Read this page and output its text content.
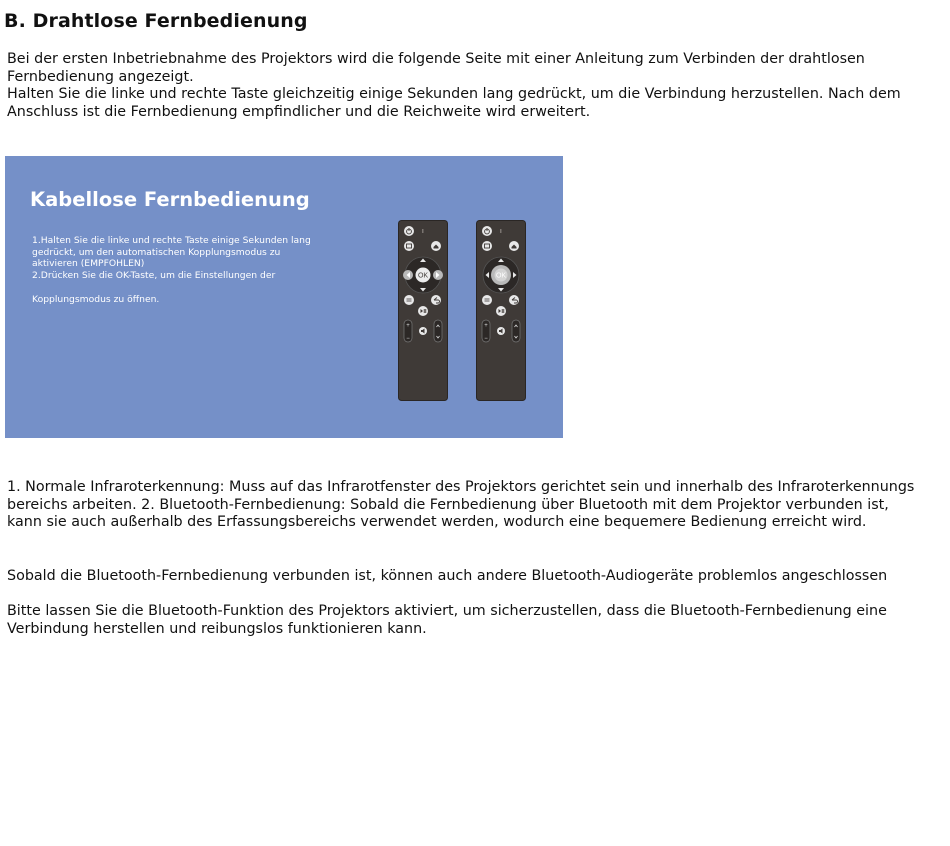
B. Drahtlose Fernbedienung
Bei der ersten Inbetriebnahme des Projektors wird die folgende Seite mit einer Anleitung zum Verbinden der drahtlosen
Fernbedienung angezeigt.
Halten Sie die linke und rechte Taste gleichzeitig einige Sekunden lang gedrückt, um die Verbindung herzustellen. Nach dem
Anschluss ist die Fernbedienung empfindlicher und die Reichweite wird erweitert.
Kabellose Fernbedienung
1.Halten Sie die linke und rechte Taste einige Sekunden lang
gedrückt, um den automatischen Kopplungsmodus zu
aktivieren (EMPFOHLEN)
2.Drücken Sie die OK-Taste, um die Einstellungen der
Kopplungsmodus zu öffnen.
OK
+
−
OK
+
−
1. Normale Infraroterkennung: Muss auf das Infrarotfenster des Projektors gerichtet sein und innerhalb des Infraroterkennungs
bereichs arbeiten. 2. Bluetooth-Fernbedienung: Sobald die Fernbedienung über Bluetooth mit dem Projektor verbunden ist,
kann sie auch außerhalb des Erfassungsbereichs verwendet werden, wodurch eine bequemere Bedienung erreicht wird.
Sobald die Bluetooth-Fernbedienung verbunden ist, können auch andere Bluetooth-Audiogeräte problemlos angeschlossen
Bitte lassen Sie die Bluetooth-Funktion des Projektors aktiviert, um sicherzustellen, dass die Bluetooth-Fernbedienung eine
Verbindung herstellen und reibungslos funktionieren kann.
